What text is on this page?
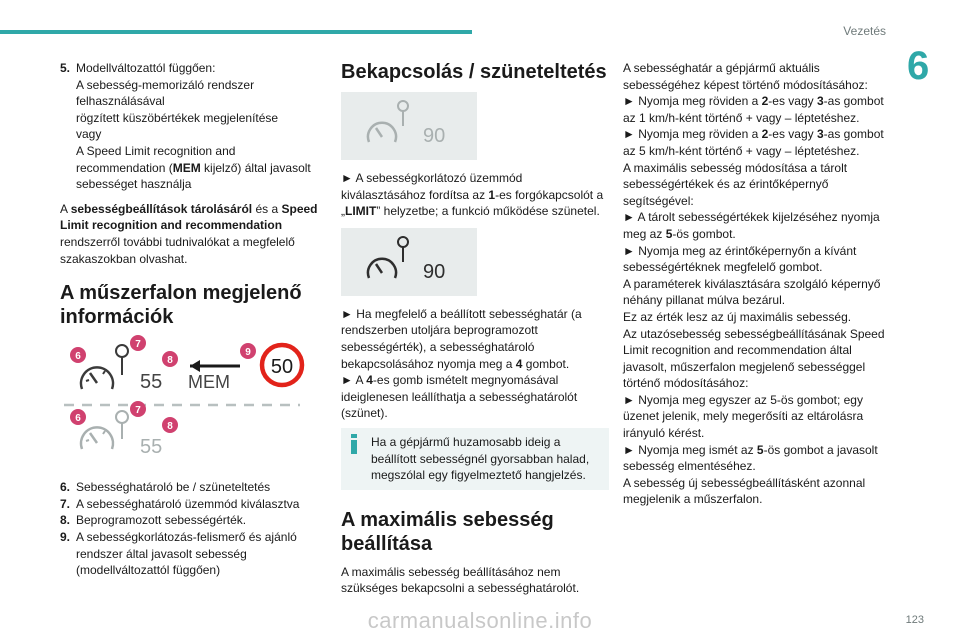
Vezetés
6
5. Modellváltozattól függően:

A sebesség-memorizáló rendszer felhasználásával

rögzített küszöbértékek megjelenítése

vagy

A Speed Limit recognition and

recommendation (MEM kijelző) által javasolt sebességet használja

A sebességbeállítások tárolásáról és a Speed Limit recognition and recommendation rendszerről további tudnivalókat a megfelelő szakaszokban olvashat.

A műszerfalon megjelenő információk
55 MEM
50
55
6
7
8
9
6
7
8
6. Sebességhatároló be / szüneteltetés
7. A sebességhatároló üzemmód kiválasztva
8. Beprogramozott sebességérték.
9. A sebességkorlátozás-felismerő és ajánló rendszer által javasolt sebesség (modellváltozattól függően)
Bekapcsolás / szüneteltetés
90

► A sebességkorlátozó üzemmód kiválasztásához fordítsa az 1-es forgókapcsolót a „LIMIT” helyzetbe; a funkció működése szünetel.

90

► Ha megfelelő a beállított sebességhatár (a rendszerben utoljára beprogramozott sebességérték), a sebességhatároló bekapcsolásához nyomja meg a 4 gombot.

► A 4-es gomb ismételt megnyomásával ideiglenesen leállíthatja a sebességhatárolót (szünet).

Ha a gépjármű huzamosabb ideig a beállított sebességnél gyorsabban halad, megszólal egy figyelmeztető hangjelzés.
A maximális sebesség beállítása

A maximális sebesség beállításához nem szükséges bekapcsolni a sebességhatárolót.

A sebességhatár a gépjármű aktuális sebességéhez képest történő módosításához:

► Nyomja meg röviden a 2-es vagy 3-as gombot az 1 km/h-ként történő + vagy – léptetéshez.

► Nyomja meg röviden a 2-es vagy 3-as gombot az 5 km/h-ként történő + vagy – léptetéshez.

A maximális sebesség módosítása a tárolt sebességértékek és az érintőképernyő segítségével:

► A tárolt sebességértékek kijelzéséhez nyomja meg az 5-ös gombot.

► Nyomja meg az érintőképernyőn a kívánt sebességértéknek megfelelő gombot.

A paraméterek kiválasztására szolgáló képernyő néhány pillanat múlva bezárul.

Ez az érték lesz az új maximális sebesség.

Az utazósebesség sebességbeállításának Speed Limit recognition and recommendation által javasolt, műszerfalon megjelenő sebességgel történő módosításához:

► Nyomja meg egyszer az 5-ös gombot; egy üzenet jelenik, mely megerősíti az eltárolásra irányuló kérést.

► Nyomja meg ismét az 5-ös gombot a javasolt sebesség elmentéséhez.

A sebesség új sebességbeállításként azonnal megjelenik a műszerfalon.

carmanualsonline.info	123
